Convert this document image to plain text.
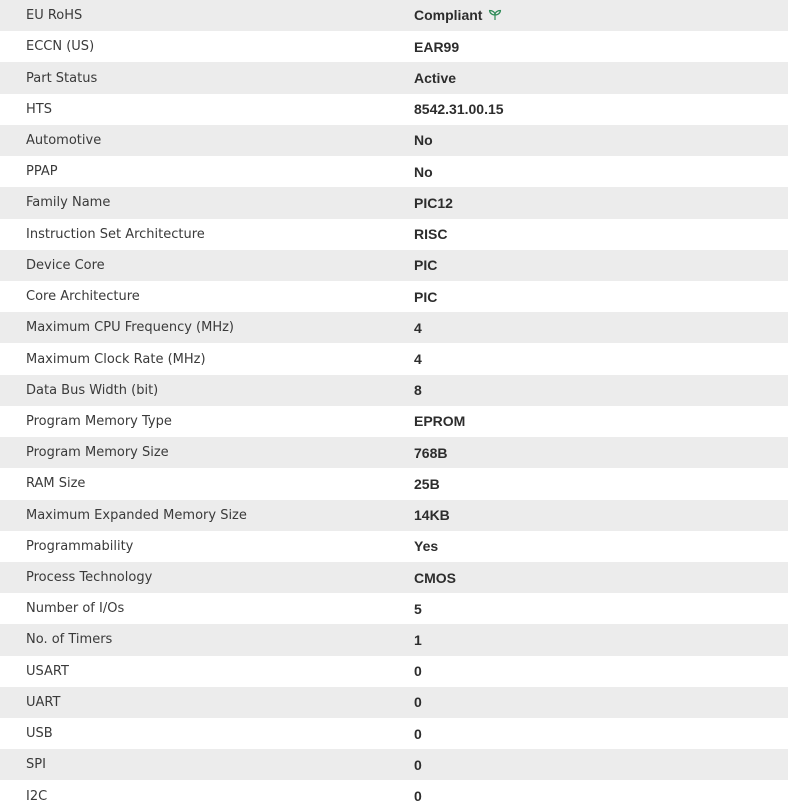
EU RoHS	Compliant
ECCN (US)	EAR99
Part Status	Active
HTS	8542.31.00.15
Automotive	No
PPAP	No
Family Name	PIC12
Instruction Set Architecture	RISC
Device Core	PIC
Core Architecture	PIC
Maximum CPU Frequency (MHz)	4
Maximum Clock Rate (MHz)	4
Data Bus Width (bit)	8
Program Memory Type	EPROM
Program Memory Size	768B
RAM Size	25B
Maximum Expanded Memory Size	14KB
Programmability	Yes
Process Technology	CMOS
Number of I/Os	5
No. of Timers	1
USART	0
UART	0
USB	0
SPI	0
I2C	0
